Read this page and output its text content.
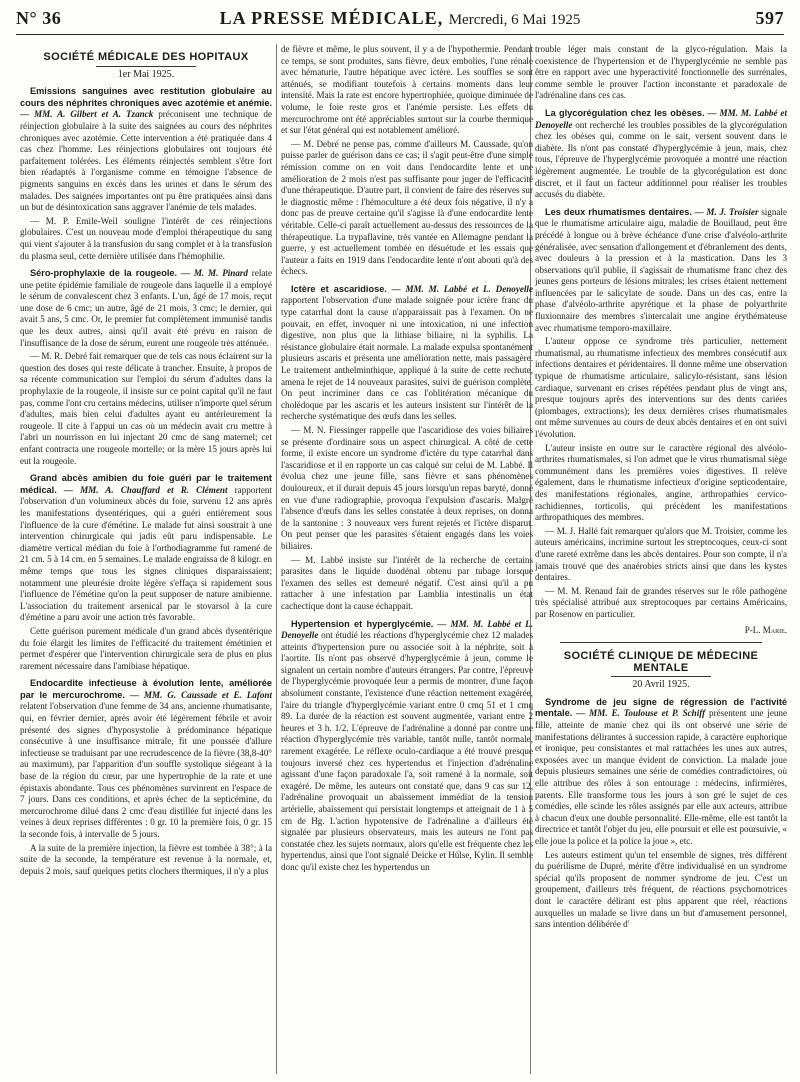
N° 36	LA PRESSE MÉDICALE, Mercredi, 6 Mai 1925	597
SOCIÉTÉ MÉDICALE DES HOPITAUX
1er Mai 1925.

Emissions sanguines avec restitution globulaire au cours des néphrites chroniques avec azotémie et anémie. — MM. A. Gilbert et A. Tzanck préconisent une technique de réinjection globulaire à la suite des saignées au cours des néphrites chroniques avec azotémie. Cette intervention a été pratiquée dans 4 cas chez l'homme. Les réinjections globulaires ont toujours été parfaitement tolérées. Les éléments réinjectés semblent s'être fort bien réadaptés à l'organisme comme en témoigne l'absence de pigments sanguins en excès dans les urines et dans le sérum des malades. Des saignées importantes ont pu être pratiquées ainsi dans un but de désintoxication sans aggraver l'anémie de tels malades.

— M. P. Emile-Weil souligne l'intérêt de ces réinjections globulaires. C'est un nouveau mode d'emploi thérapeutique du sang qui vient s'ajouter à la transfusion du sang complet et à la transfusion du plasma seul, cette dernière utilisée dans l'hémophilie.

Séro-prophylaxie de la rougeole. — M. M. Pinard relate une petite épidémie familiale de rougeole dans laquelle il a employé le sérum de convalescent chez 3 enfants. L'un, âgé de 17 mois, reçut une dose de 6 cmc; un autre, âgé de 21 mois, 3 cmc; le dernier, qui avait 5 ans, 5 cmc. Or, le premier fut complètement immunisé tandis que les deux autres, ainsi qu'il avait été prévu en raison de l'insuffisance de la dose de sérum, eurent une rougeole très atténuée.

— M. R. Debré fait remarquer que de tels cas nous éclairent sur la question des doses qui reste délicate à trancher. Ensuite, à propos de sa récente communication sur l'emploi du sérum d'adultes dans la prophylaxie de la rougeole, il insiste sur ce point capital qu'il ne faut pas, comme l'ont cru certains médecins, utiliser n'importe quel sérum d'adultes, mais bien celui d'adultes ayant eu antérieurement la rougeole. Il cite à l'appui un cas où un médecin avait cru mettre à l'abri un nourrisson en lui injectant 20 cmc de sang maternel; cet enfant contracta une rougeole mortelle; or la mère 15 jours après lui eut la rougeole.

Grand abcès amibien du foie guéri par le traitement médical. — MM. A. Chauffard et R. Clément rapportent l'observation d'un volumineux abcès du foie, survenu 12 ans après les manifestations dysentériques, qui a guéri entièrement sous l'influence de la cure d'émétine. Le malade fut ainsi soustrait à une intervention chirurgicale qui jadis eût paru indispensable. Le diamètre vertical médian du foie à l'orthodiagramme fut ramené de 21 cm. 5 à 14 cm. en 5 semaines. Le malade engraissa de 8 kilogr. en même temps que tous les signes cliniques disparaissaient; notamment une pleurésie droite légère s'effaça si rapidement sous l'influence de l'émétine qu'on la peut supposer de nature amibienne. L'association du traitement arsenical par le stovarsol à la cure d'émétine a paru avoir une action très favorable.

Cette guérison purement médicale d'un grand abcès dysentérique du foie élargit les limites de l'efficacité du traitement émétinien et permet d'espérer que l'intervention chirurgicale sera de plus en plus rarement nécessaire dans l'amibiase hépatique.

Endocardite infectieuse à évolution lente, améliorée par le mercurochrome. — MM. G. Caussade et E. Lafont relatent l'observation d'une femme de 34 ans, ancienne rhumatisante, qui, en février dernier, après avoir été légèrement fébrile et avoir présenté des signes d'hyposystolie à prédominance hépatique consécutive à une insuffisance mitrale, fit une poussée d'allure infectieuse se traduisant par une recrudescence de la fièvre (38,8-40° au maximum), par l'apparition d'un souffle systolique siégeant à la base de la région du cœur, par une hypertrophie de la rate et une épistaxis abondante. Tous ces phénomènes survinrent en l'espace de 7 jours. Dans ces conditions, et après échec de la septicémine, du mercurochrome dilué dans 2 cmc d'eau distillée fut injecté dans les veines à deux reprises différentes : 0 gr. 10 la première fois, 0 gr. 15 la seconde fois, à intervalle de 5 jours.

A la suite de la première injection, la fièvre est tombée à 38°; à la suite de la seconde, la température est revenue à la normale, et, depuis 2 mois, sauf quelques petits clochers thermiques, il n'y a plus

de fièvre et même, le plus souvent, il y a de l'hypothermie. Pendant ce temps, se sont produites, sans fièvre, deux embolies, l'une rénale avec hématurie, l'autre hépatique avec ictère. Les souffles se sont atténués, se modifiant toutefois à certains moments dans leur intensité. Mais la rate est encore hypertrophiée, quoique diminuée de volume, le foie reste gros et l'anémie persiste. Les effets du mercurochrome ont été appréciables surtout sur la courbe thermique et sur l'état général qui est notablement amélioré.

— M. Debré ne pense pas, comme d'ailleurs M. Caussade, qu'on puisse parler de guérison dans ce cas; il s'agit peut-être d'une simple rémission comme on en voit dans l'endocardite lente et une amélioration de 2 mois n'est pas suffisante pour juger de l'efficacité d'une thérapeutique. D'autre part, il convient de faire des réserves sur le diagnostic même : l'hémoculture a été deux fois négative, il n'y a donc pas de preuve certaine qu'il s'agisse là d'une endocardite lente véritable. Celle-ci paraît actuellement au-dessus des ressources de la thérapeutique. La trypaflavine, très vantée en Allemagne pendant la guerre, y est actuellement tombée en désuétude et les essais que l'auteur a faits en 1919 dans l'endocardite lente n'ont abouti qu'à des échecs.

Ictère et ascaridiose. — MM. M. Labbé et L. Denoyelle rapportent l'observation d'une malade soignée pour ictère franc du type catarrhal dont la cause n'apparaissait pas à l'examen. On ne pouvait, en effet, invoquer ni une intoxication, ni une infection digestive, non plus que la lithiase biliaire, ni la syphilis. La résistance globulaire était normale. La malade expulsa spontanément plusieurs ascaris et présenta une amélioration nette, mais passagère. Le traitement anthelminthique, appliqué à la suite de cette rechute, amena le rejet de 14 nouveaux parasites, suivi de guérison complète. On peut incriminer dans ce cas l'oblitération mécanique du cholédoque par les ascaris et les auteurs insistent sur l'intérêt de la recherche systématique des œufs dans les selles.

— M. N. Fiessinger rappelle que l'ascaridiose des voies biliaires se présente d'ordinaire sous un aspect chirurgical. A côté de cette forme, il existe encore un syndrome d'ictère du type catarrhal dans l'ascaridiose et il en rapporte un cas calqué sur celui de M. Labbé. Il évolua chez une jeune fille, sans fièvre et sans phénomènes douloureux, et il durait depuis 45 jours lorsqu'un repas baryté, donné en vue d'une radiographie, provoqua l'expulsion d'ascaris. Malgré l'absence d'œufs dans les selles constatée à deux reprises, on donna de la santonine : 3 nouveaux vers furent rejetés et l'ictère disparut. On peut penser que les parasites s'étaient engagés dans les voies biliaires.

— M. Labbé insiste sur l'intérêt de la recherche de certains parasites dans le liquide duodénal obtenu par tubage lorsque l'examen des selles est demeuré négatif. C'est ainsi qu'il a pu rattacher à une infestation par Lamblia intestinalis un état cachectique dont la cause échappait.

Hypertension et hyperglycémie. — MM. M. Labbé et L. Denoyelle ont étudié les réactions d'hyperglycémie chez 12 malades atteints d'hypertension pure ou associée soit à la néphrite, soit à l'aortite. Ils n'ont pas observé d'hyperglycémie à jeun, comme le signalent un certain nombre d'auteurs étrangers. Par contre, l'épreuve de l'hyperglycémie provoquée leur a permis de montrer, d'une façon absolument constante, l'existence d'une réaction nettement exagérée, l'aire du triangle d'hyperglycémie variant entre 0 cmq 51 et 1 cmq 89. La durée de la réaction est souvent augmentée, variant entre 2 heures et 3 h. 1/2. L'épreuve de l'adrénaline a donné par contre une réaction d'hyperglycémie très variable, tantôt nulle, tantôt normale, rarement exagérée. Le réflexe oculo-cardiaque a été trouvé presque toujours inversé chez ces hypertendus et l'injection d'adrénaline agissant d'une façon paradoxale l'a, soit ramené à la normale, soit exagéré. De même, les auteurs ont constaté que, dans 9 cas sur 12, l'adrénaline provoquait un abaissement immédiat de la tension artérielle, abaissement qui persistait longtemps et atteignait de 1 à 5 cm de Hg. L'action hypotensive de l'adrénaline a d'ailleurs été signalée par plusieurs observateurs, mais les auteurs ne l'ont pas constatée chez les sujets normaux, alors qu'elle est fréquente chez les hypertendus, ainsi que l'ont signalé Deicke et Hülse, Kylin. Il semble donc qu'il existe chez les hypertendus un

trouble léger mais constant de la glyco-régulation. Mais la coexistence de l'hypertension et de l'hyperglycémie ne semble pas être en rapport avec une hyperactivité fonctionnelle des surrénales, comme semble le prouver l'action inconstante et paradoxale de l'adrénaline dans ces cas.

La glycorégulation chez les obèses. — MM. M. Labbé et Denoyelle ont recherché les troubles possibles de la glycorégulation chez les obèses qui, comme on le sait, versent souvent dans le diabète. Ils n'ont pas constaté d'hyperglycémie à jeun, mais, chez tous, l'épreuve de l'hyperglycémie provoquée a montré une réaction légèrement augmentée. Le trouble de la glycorégulation est donc discret, et il faut un facteur additionnel pour réaliser les troubles accusés du diabète.

Les deux rhumatismes dentaires. — M. J. Troisier signale que le rhumatisme articulaire aigu, maladie de Bouillaud, peut être précédé à longue ou à brève échéance d'une crise d'alvéolo-arthrite généralisée, avec sensation d'allongement et d'ébranlement des dents, avec douleurs à la pression et à la mastication. Dans les 3 observations qu'il publie, il s'agissait de rhumatisme franc chez des jeunes gens porteurs de lésions mitrales; les crises étaient nettement influencées par le salicylate de soude. Dans un des cas, entre la phase d'alvéolo-arthrite apyrétique et la phase de polyarthrite fluxionnaire des membres s'intercalait une angine érythémateuse avec rhumatisme temporo-maxillaire.

L'auteur oppose ce syndrome très particulier, nettement rhumatismal, au rhumatisme infectieux des membres consécutif aux infections dentaires et péridentaires. Il donne même une observation typique de rhumatisme articulaire, salicylo-résistant, sans lésion cardiaque, survenant en crises répétées pendant plus de vingt ans, presque toujours après des interventions sur des dents cariées (plombages, extractions); les deux dernières crises rhumatismales ont même survenues au cours de deux abcès dentaires et en ont suivi l'évolution.

L'auteur insiste en outre sur le caractère régional des alvéolo-arthrites rhumatismales, si l'on admet que le virus rhumatismal siège communément dans les premières voies digestives. Il relève également, dans le rhumatisme infectieux d'origine septicodentaire, des manifestations régionales, angine, arthropathies cervico-rachidiennes, torticolis, qui précèdent les manifestations arthropathiques des membres.

— M. J. Hallé fait remarquer qu'alors que M. Troisier, comme les auteurs américains, incrimine surtout les streptocoques, ceux-ci sont d'une rareté extrême dans les abcès dentaires. Pour son compte, il n'a jamais trouvé que des anaérobies stricts ainsi que dans les kystes dentaires.

— M. M. Renaud fait de grandes réserves sur le rôle pathogène très spécialisé attribué aux streptocoques par certains Américains, par Rosenow en particulier.

P-L. Marie.
SOCIÉTÉ CLINIQUE DE MÉDECINE MENTALE
20 Avril 1925.

Syndrome de jeu signe de régression de l'activité mentale. — MM. E. Toulouse et P. Schiff présentent une jeune fille, atteinte de manie chez qui ils ont observé une série de manifestations délirantes à succession rapide, à caractère euphorique et ironique, peu consistantes et mal rattachées les unes aux autres, exposées avec un manque évident de conviction. La malade joue depuis plusieurs semaines une série de comédies contradictoires, où elle attribue des rôles à son entourage : médecins, infirmières, parents. Elle transforme tous les jours à son gré le sujet de ces comédies, elle scinde les rôles assignés par elle aux acteurs, attribue à chacun d'eux une double personnalité. Elle-même, elle est tantôt la directrice et tantôt l'objet du jeu, elle poursuit et elle est poursuivie, « elle joue la police et la police la joue », etc.

Les auteurs estiment qu'un tel ensemble de signes, très différent du puérilisme de Dupré, mérite d'être individualisé en un syndrome spécial qu'ils proposent de nommer syndrome de jeu. C'est un groupement, d'ailleurs très fréquent, de réactions psychomotrices dont le caractère délirant est plus apparent que réel, réactions auxquelles un malade se livre dans un but d'amusement personnel, sans intention délibérée d'
